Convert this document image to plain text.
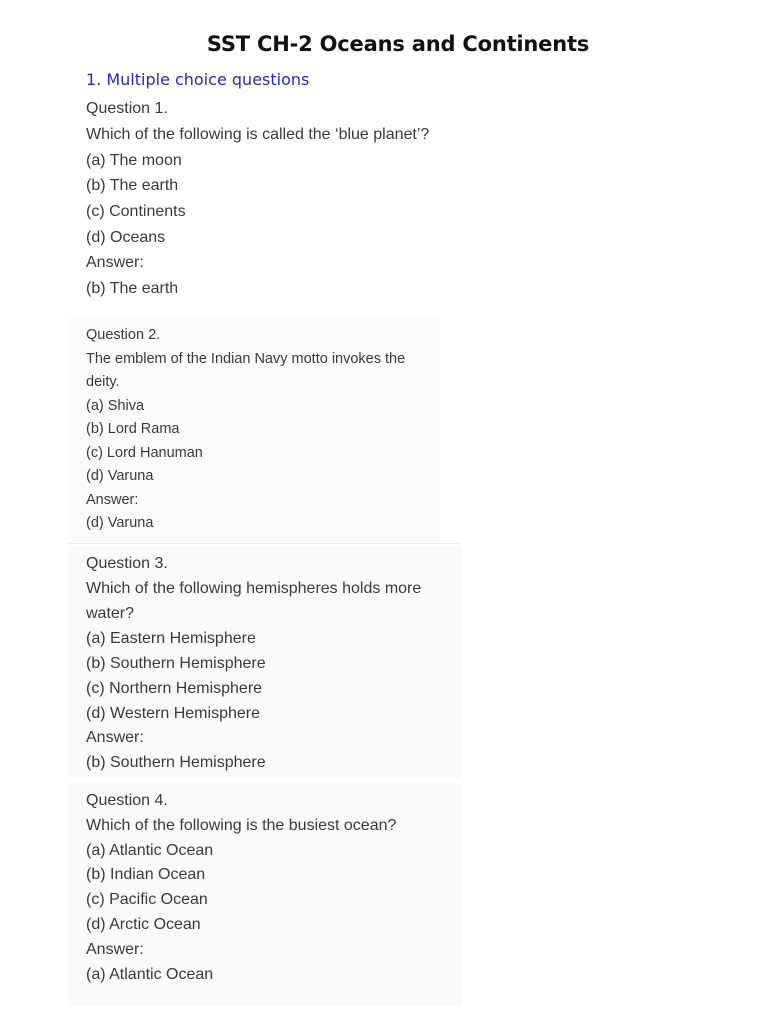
SST CH-2 Oceans and Continents
1. Multiple choice questions
Question 1.
Which of the following is called the ‘blue planet’?
(a) The moon
(b) The earth
(c) Continents
(d) Oceans
Answer:
(b) The earth
Question 2.
The emblem of the Indian Navy motto invokes the
deity.
(a) Shiva
(b) Lord Rama
(c) Lord Hanuman
(d) Varuna
Answer:
(d) Varuna
Question 3.
Which of the following hemispheres holds more
water?
(a) Eastern Hemisphere
(b) Southern Hemisphere
(c) Northern Hemisphere
(d) Western Hemisphere
Answer:
(b) Southern Hemisphere
Question 4.
Which of the following is the busiest ocean?
(a) Atlantic Ocean
(b) Indian Ocean
(c) Pacific Ocean
(d) Arctic Ocean
Answer:
(a) Atlantic Ocean
